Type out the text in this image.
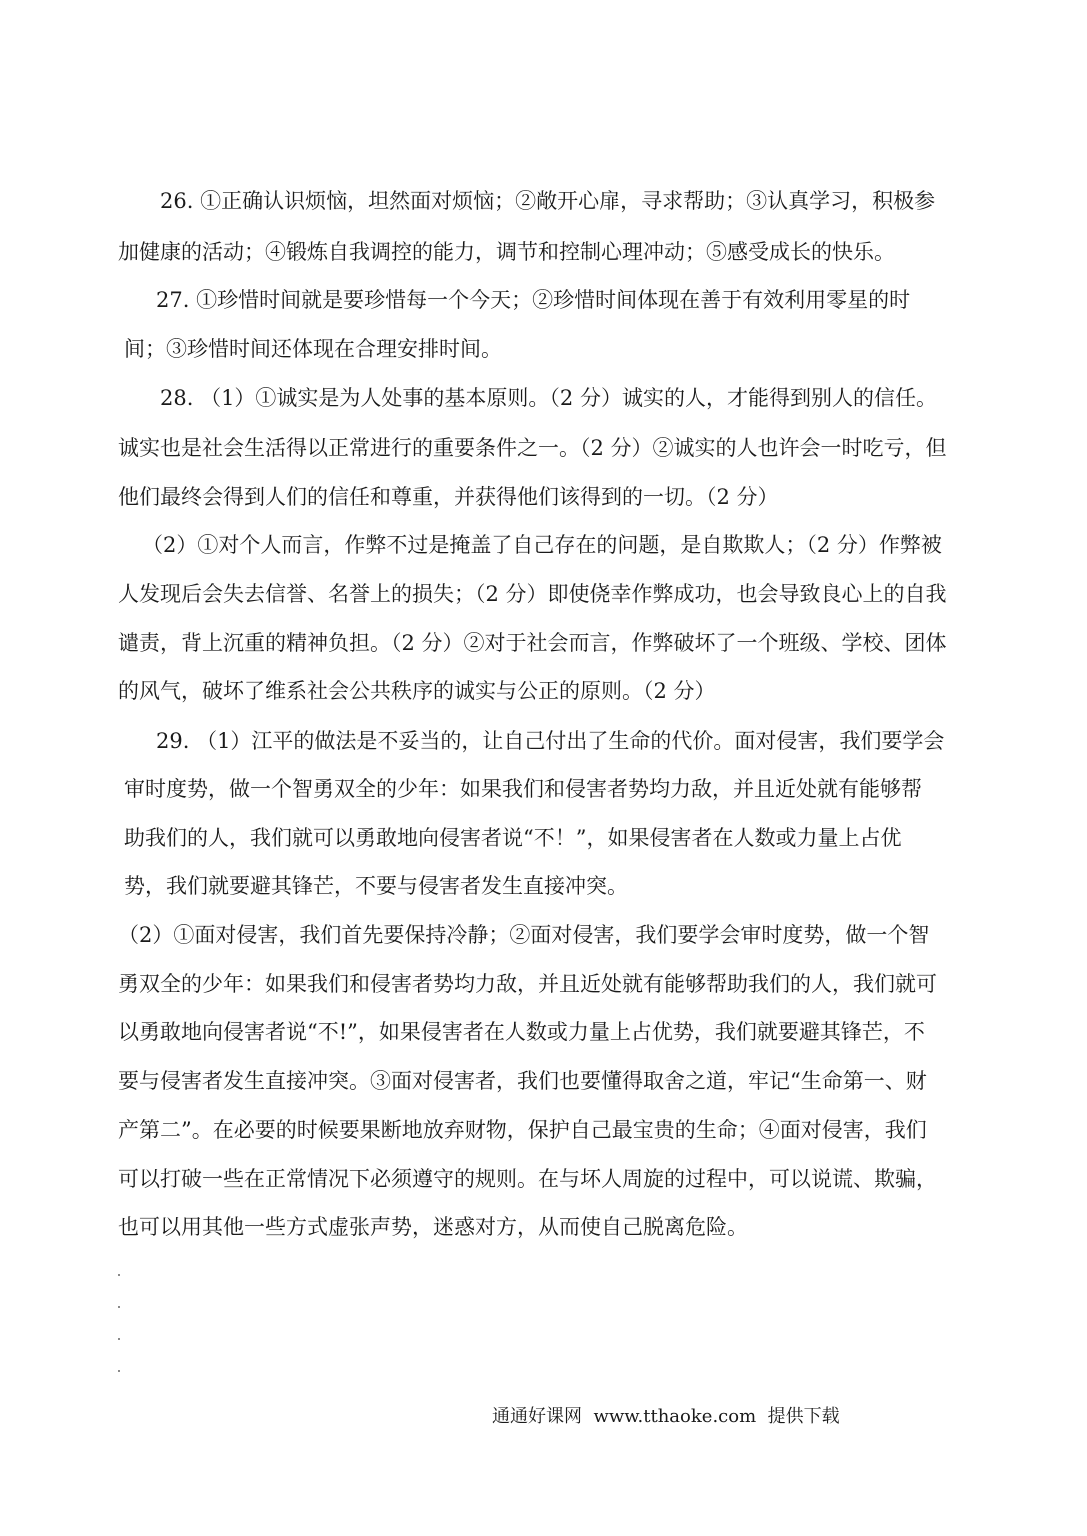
26. ①正确认识烦恼，坦然面对烦恼；②敞开心扉，寻求帮助；③认真学习，积极参
加健康的活动；④锻炼自我调控的能力，调节和控制心理冲动；⑤感受成长的快乐。
27. ①珍惜时间就是要珍惜每一个今天；②珍惜时间体现在善于有效利用零星的时
间；③珍惜时间还体现在合理安排时间。
28. （1）①诚实是为人处事的基本原则。（2 分）诚实的人，才能得到别人的信任。
诚实也是社会生活得以正常进行的重要条件之一。（2 分）②诚实的人也许会一时吃亏，但
他们最终会得到人们的信任和尊重，并获得他们该得到的一切。（2 分）
（2）①对个人而言，作弊不过是掩盖了自己存在的问题，是自欺欺人；（2 分）作弊被
人发现后会失去信誉、名誉上的损失；（2 分）即使侥幸作弊成功，也会导致良心上的自我
谴责，背上沉重的精神负担。（2 分）②对于社会而言，作弊破坏了一个班级、学校、团体
的风气，破坏了维系社会公共秩序的诚实与公正的原则。（2 分）
29. （1）江平的做法是不妥当的，让自己付出了生命的代价。面对侵害，我们要学会
审时度势，做一个智勇双全的少年：如果我们和侵害者势均力敌，并且近处就有能够帮
助我们的人，我们就可以勇敢地向侵害者说“不！”，如果侵害者在人数或力量上占优
势，我们就要避其锋芒，不要与侵害者发生直接冲突。
（2）①面对侵害，我们首先要保持冷静；②面对侵害，我们要学会审时度势，做一个智
勇双全的少年：如果我们和侵害者势均力敌，并且近处就有能够帮助我们的人，我们就可
以勇敢地向侵害者说“不!”，如果侵害者在人数或力量上占优势，我们就要避其锋芒，不
要与侵害者发生直接冲突。③面对侵害者，我们也要懂得取舍之道，牢记“生命第一、财
产第二”。在必要的时候要果断地放弃财物，保护自己最宝贵的生命；④面对侵害，我们
可以打破一些在正常情况下必须遵守的规则。在与坏人周旋的过程中，可以说谎、欺骗，
也可以用其他一些方式虚张声势，迷惑对方，从而使自己脱离危险。
通通好课网  www.tthaoke.com  提供下载
